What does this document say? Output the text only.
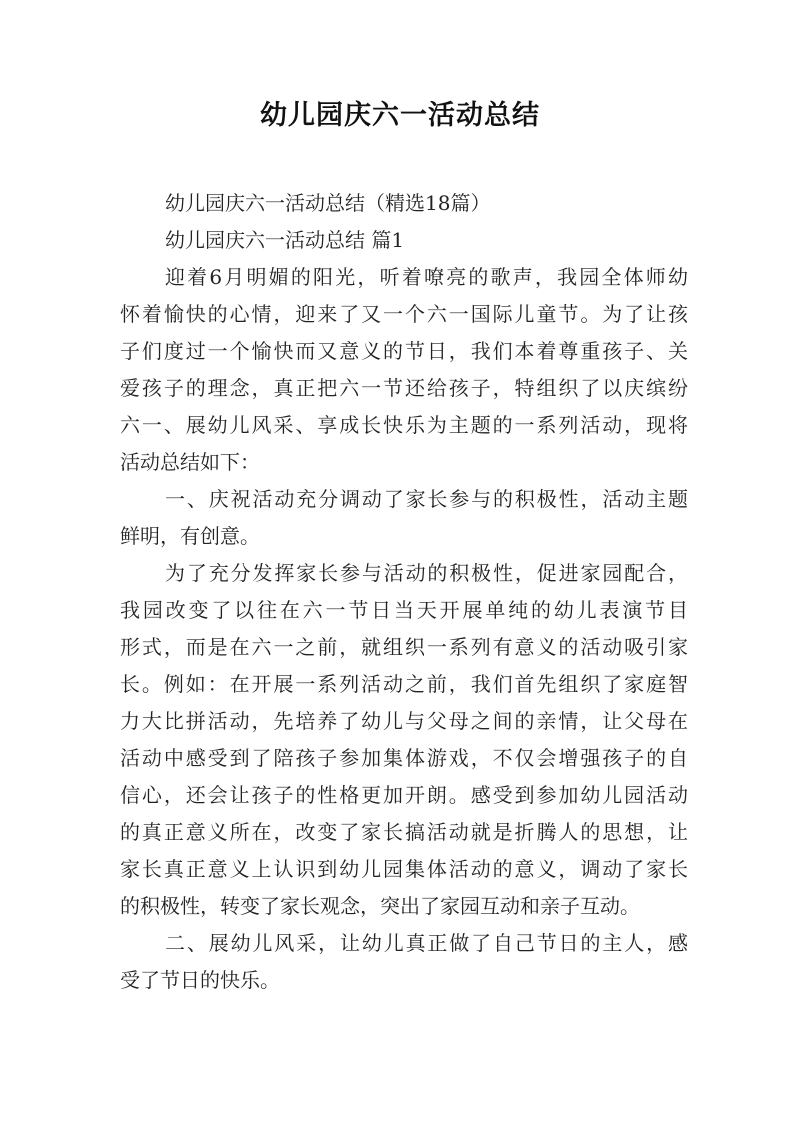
幼儿园庆六一活动总结
幼儿园庆六一活动总结（精选18篇）
幼儿园庆六一活动总结 篇1
迎着6月明媚的阳光，听着嘹亮的歌声，我园全体师幼
怀着愉快的心情，迎来了又一个六一国际儿童节。为了让孩
子们度过一个愉快而又意义的节日，我们本着尊重孩子、关
爱孩子的理念，真正把六一节还给孩子，特组织了以庆缤纷
六一、展幼儿风采、享成长快乐为主题的一系列活动，现将
活动总结如下：
一、庆祝活动充分调动了家长参与的积极性，活动主题
鲜明，有创意。
为了充分发挥家长参与活动的积极性，促进家园配合，
我园改变了以往在六一节日当天开展单纯的幼儿表演节目
形式，而是在六一之前，就组织一系列有意义的活动吸引家
长。例如：在开展一系列活动之前，我们首先组织了家庭智
力大比拼活动，先培养了幼儿与父母之间的亲情，让父母在
活动中感受到了陪孩子参加集体游戏，不仅会增强孩子的自
信心，还会让孩子的性格更加开朗。感受到参加幼儿园活动
的真正意义所在，改变了家长搞活动就是折腾人的思想，让
家长真正意义上认识到幼儿园集体活动的意义，调动了家长
的积极性，转变了家长观念，突出了家园互动和亲子互动。
二、展幼儿风采，让幼儿真正做了自己节日的主人，感
受了节日的快乐。
